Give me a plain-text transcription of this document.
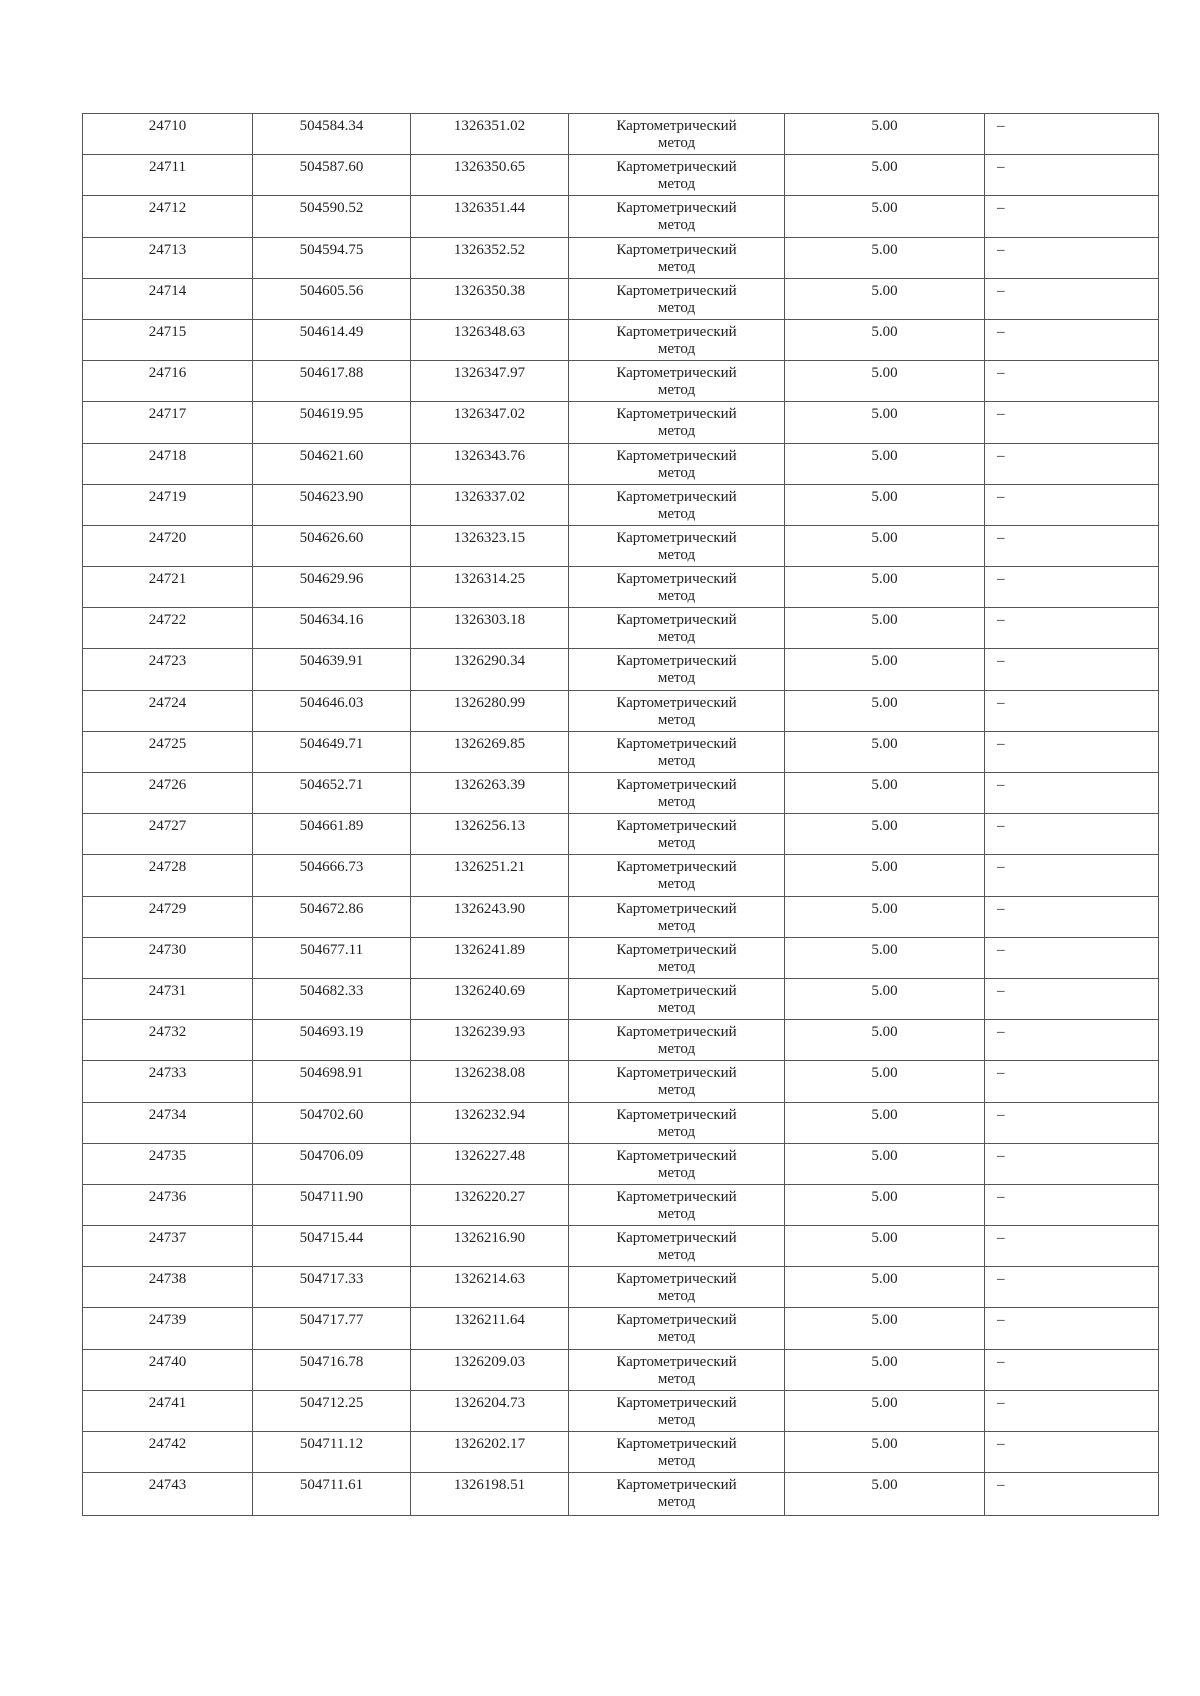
24710	504584.34	1326351.02	Картометрический
метод	5.00	–

24711	504587.60	1326350.65	Картометрический
метод	5.00	–

24712	504590.52	1326351.44	Картометрический
метод	5.00	–

24713	504594.75	1326352.52	Картометрический
метод	5.00	–

24714	504605.56	1326350.38	Картометрический
метод	5.00	–

24715	504614.49	1326348.63	Картометрический
метод	5.00	–

24716	504617.88	1326347.97	Картометрический
метод	5.00	–

24717	504619.95	1326347.02	Картометрический
метод	5.00	–

24718	504621.60	1326343.76	Картометрический
метод	5.00	–

24719	504623.90	1326337.02	Картометрический
метод	5.00	–

24720	504626.60	1326323.15	Картометрический
метод	5.00	–

24721	504629.96	1326314.25	Картометрический
метод	5.00	–

24722	504634.16	1326303.18	Картометрический
метод	5.00	–

24723	504639.91	1326290.34	Картометрический
метод	5.00	–

24724	504646.03	1326280.99	Картометрический
метод	5.00	–

24725	504649.71	1326269.85	Картометрический
метод	5.00	–

24726	504652.71	1326263.39	Картометрический
метод	5.00	–

24727	504661.89	1326256.13	Картометрический
метод	5.00	–

24728	504666.73	1326251.21	Картометрический
метод	5.00	–

24729	504672.86	1326243.90	Картометрический
метод	5.00	–

24730	504677.11	1326241.89	Картометрический
метод	5.00	–

24731	504682.33	1326240.69	Картометрический
метод	5.00	–

24732	504693.19	1326239.93	Картометрический
метод	5.00	–

24733	504698.91	1326238.08	Картометрический
метод	5.00	–

24734	504702.60	1326232.94	Картометрический
метод	5.00	–

24735	504706.09	1326227.48	Картометрический
метод	5.00	–

24736	504711.90	1326220.27	Картометрический
метод	5.00	–

24737	504715.44	1326216.90	Картометрический
метод	5.00	–

24738	504717.33	1326214.63	Картометрический
метод	5.00	–

24739	504717.77	1326211.64	Картометрический
метод	5.00	–

24740	504716.78	1326209.03	Картометрический
метод	5.00	–

24741	504712.25	1326204.73	Картометрический
метод	5.00	–

24742	504711.12	1326202.17	Картометрический
метод	5.00	–

24743	504711.61	1326198.51	Картометрический
метод	5.00	–
